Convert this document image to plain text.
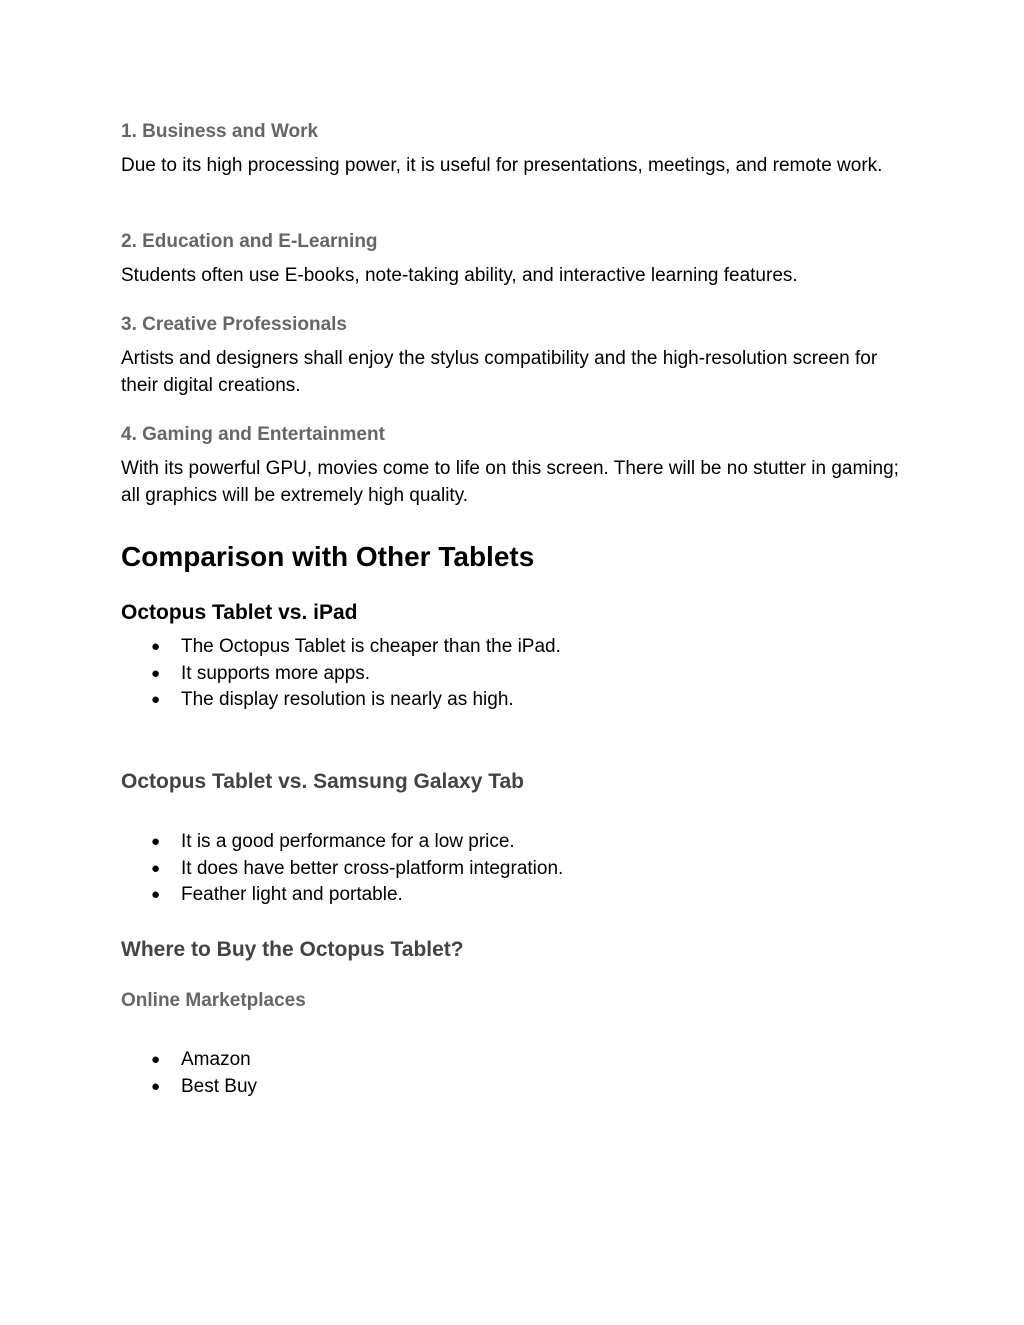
1. Business and Work

Due to its high processing power, it is useful for presentations, meetings, and remote work.

2. Education and E-Learning

Students often use E-books, note-taking ability, and interactive learning features.

3. Creative Professionals

Artists and designers shall enjoy the stylus compatibility and the high-resolution screen for their digital creations.

4. Gaming and Entertainment

With its powerful GPU, movies come to life on this screen. There will be no stutter in gaming; all graphics will be extremely high quality.

Comparison with Other Tablets
Octopus Tablet vs. iPad
● The Octopus Tablet is cheaper than the iPad.
● It supports more apps.
● The display resolution is nearly as high.
Octopus Tablet vs. Samsung Galaxy Tab
● It is a good performance for a low price.
● It does have better cross-platform integration.
● Feather light and portable.
Where to Buy the Octopus Tablet?
Online Marketplaces
● Amazon
● Best Buy
